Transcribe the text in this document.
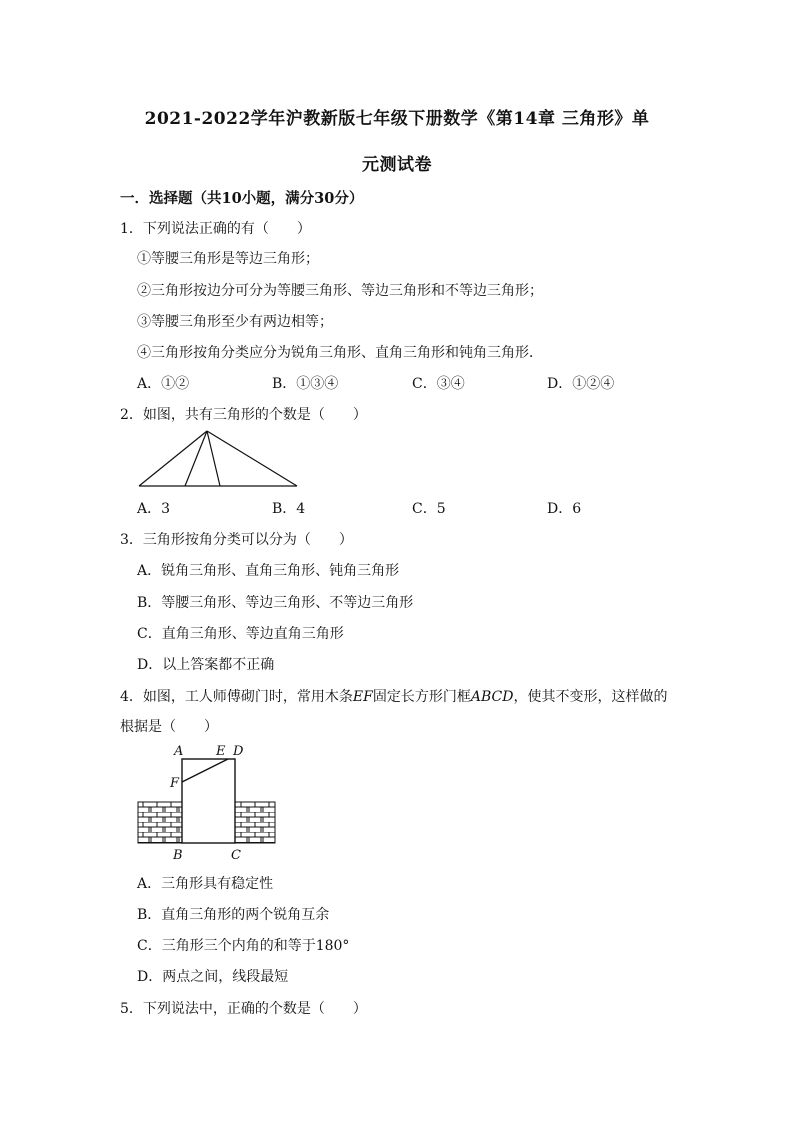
2021-2022学年沪教新版七年级下册数学《第14章 三角形》单
元测试卷
一．选择题（共10小题，满分30分）
1．下列说法正确的有（　　）
①等腰三角形是等边三角形；
②三角形按边分可分为等腰三角形、等边三角形和不等边三角形；
③等腰三角形至少有两边相等；
④三角形按角分类应分为锐角三角形、直角三角形和钝角三角形．
A．①②	B．①③④	C．③④	D．①②④
2．如图，共有三角形的个数是（　　）
A．3	B．4	C．5	D．6
3．三角形按角分类可以分为（　　）
A．锐角三角形、直角三角形、钝角三角形
B．等腰三角形、等边三角形、不等边三角形
C．直角三角形、等边直角三角形
D．以上答案都不正确
4．如图，工人师傅砌门时，常用木条EF固定长方形门框ABCD，使其不变形，这样做的
根据是（　　）
A	E D
F
B	C
A．三角形具有稳定性
B．直角三角形的两个锐角互余
C．三角形三个内角的和等于180°
D．两点之间，线段最短
5．下列说法中，正确的个数是（　　）
